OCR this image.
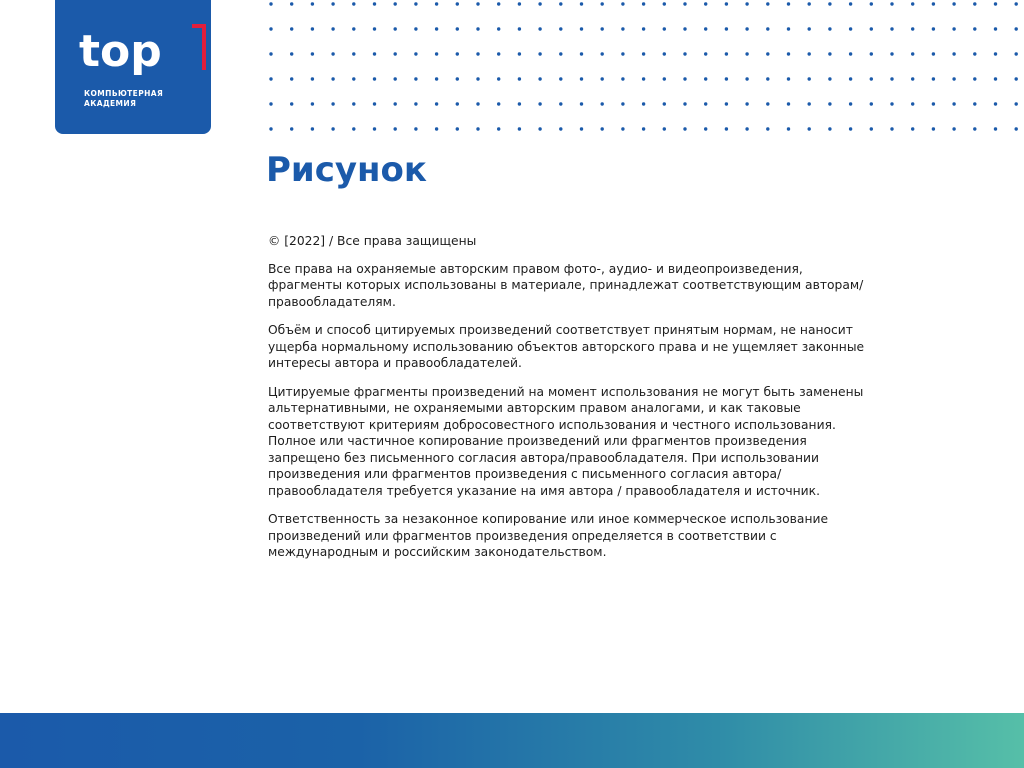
top
КОМПЬЮТЕРНАЯ
АКАДЕМИЯ
Рисунок

© [2022] / Все права защищены

Все права на охраняемые авторским правом фото-, аудио- и видеопроизведения, фрагменты которых использованы в материале, принадлежат соответствующим авторам/правообладателям.

Объём и способ цитируемых произведений соответствует принятым нормам, не наносит ущерба нормальному использованию объектов авторского права и не ущемляет законные интересы автора и правообладателей.

Цитируемые фрагменты произведений на момент использования не могут быть заменены альтернативными, не охраняемыми авторским правом аналогами, и как таковые соответствуют критериям добросовестного использования и честного использования. Полное или частичное копирование произведений или фрагментов произведения запрещено без письменного согласия автора/правообладателя. При использовании произведения или фрагментов произведения с письменного согласия автора/правообладателя требуется указание на имя автора / правообладателя и источник.

Ответственность за незаконное копирование или иное коммерческое использование произведений или фрагментов произведения определяется в соответствии с международным и российским законодательством.
